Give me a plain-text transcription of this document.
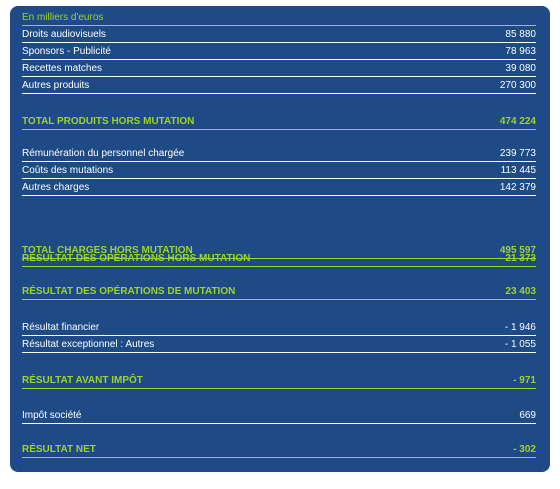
En milliers d'euros
Droits audiovisuels	85 880
Sponsors - Publicité	78 963
Recettes matches	39 080
Autres produits	270 300
TOTAL PRODUITS HORS MUTATION	474 224
Rémunération du personnel chargée	239 773
Coûts des mutations	113 445
Autres charges	142 379
TOTAL CHARGES HORS MUTATION	495 597
RÉSULTAT DES OPÉRATIONS HORS MUTATION	- 21 373
RÉSULTAT DES OPÉRATIONS DE MUTATION	23 403
Résultat financier	- 1 946
Résultat exceptionnel : Autres	- 1 055
RÉSULTAT AVANT IMPÔT	- 971
Impôt société	669
RÉSULTAT NET	- 302
